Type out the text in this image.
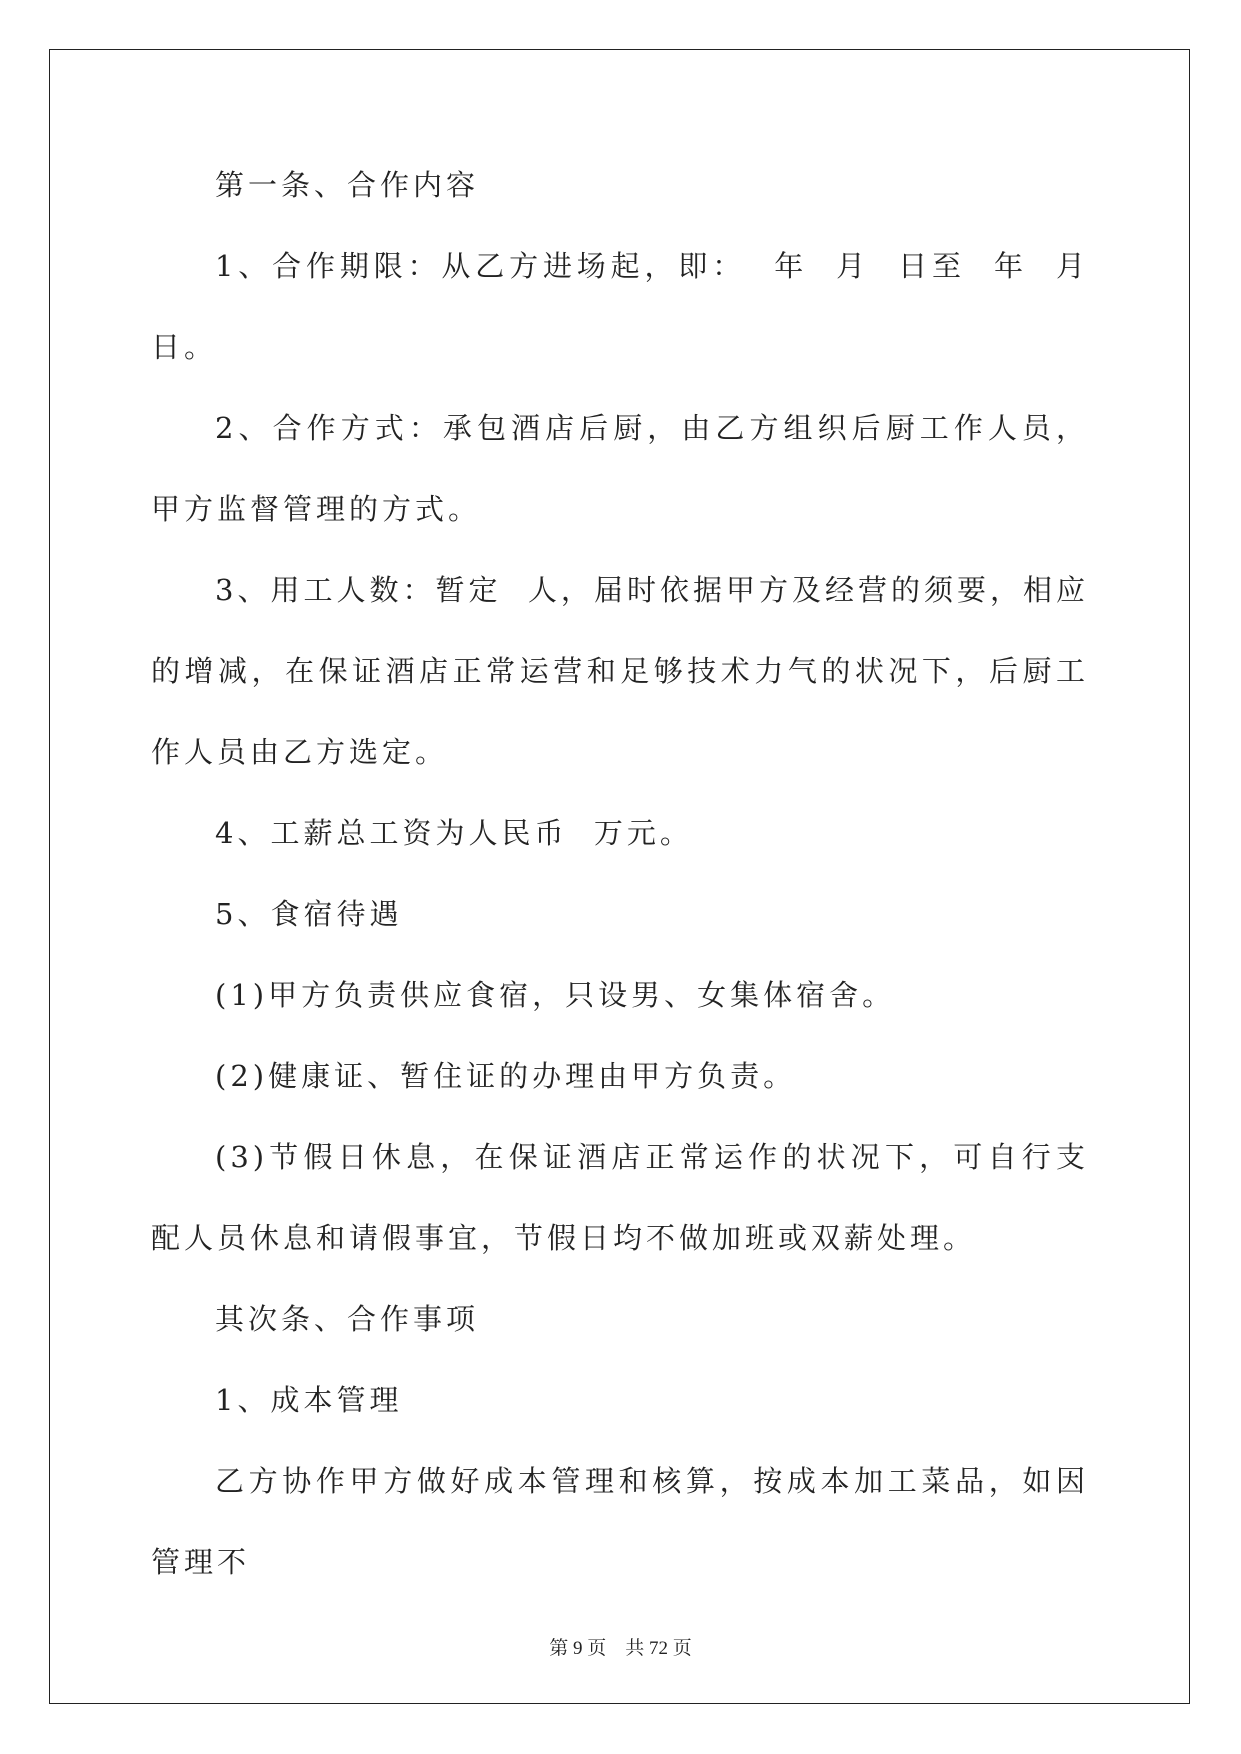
第一条、合作内容

1、合作期限：从乙方进场起，即：  年  月  日至  年  月  日。

2、合作方式：承包酒店后厨，由乙方组织后厨工作人员，甲方监督管理的方式。

3、用工人数：暂定  人，届时依据甲方及经营的须要，相应的增减，在保证酒店正常运营和足够技术力气的状况下，后厨工作人员由乙方选定。

4、工薪总工资为人民币  万元。

5、食宿待遇

(1)甲方负责供应食宿，只设男、女集体宿舍。

(2)健康证、暂住证的办理由甲方负责。

(3)节假日休息，在保证酒店正常运作的状况下，可自行支配人员休息和请假事宜，节假日均不做加班或双薪处理。

其次条、合作事项

1、成本管理

乙方协作甲方做好成本管理和核算，按成本加工菜品，如因管理不

第 9 页 共 72 页
